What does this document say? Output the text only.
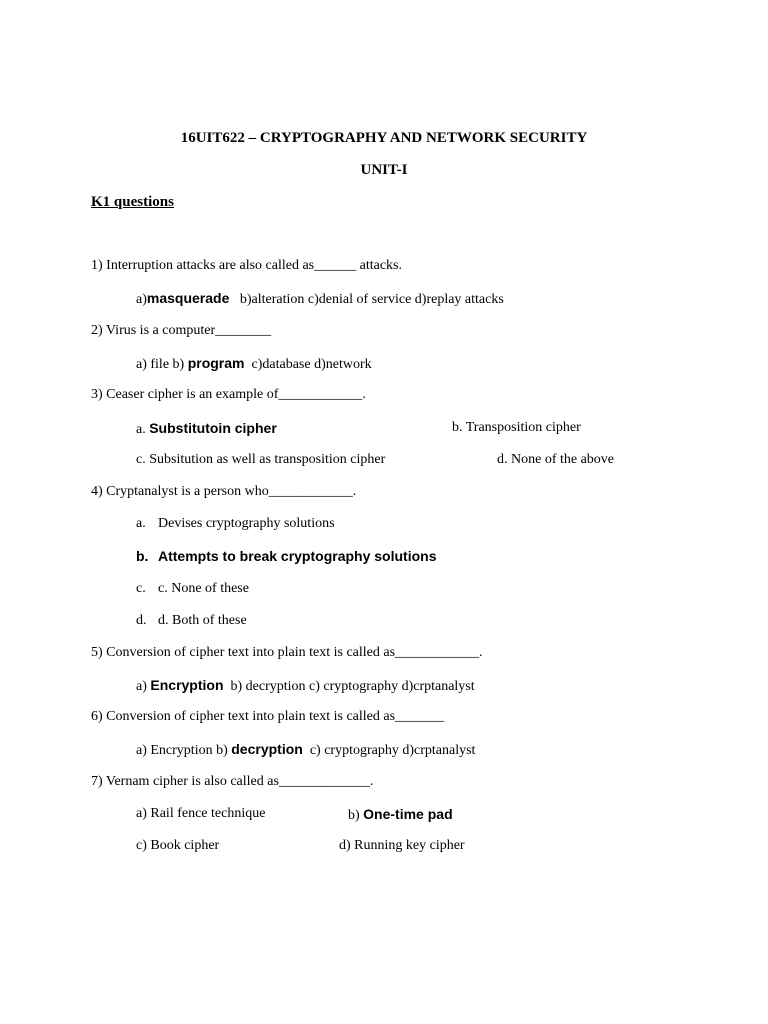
16UIT622 – CRYPTOGRAPHY AND NETWORK SECURITY
UNIT-I
K1 questions
1) Interruption attacks are also called as______ attacks.
a)masquerade b)alteration c)denial of service d)replay attacks
2) Virus is a computer________
a) file b) program c)database d)network
3) Ceaser cipher is an example of____________.
a. Substitutoin cipher	b. Transposition cipher
c. Subsitution as well as transposition cipher	d. None of the above
4) Cryptanalyst is a person who____________.
a. Devises cryptography solutions
b. Attempts to break cryptography solutions
c. c. None of these
d. d. Both of these
5) Conversion of cipher text into plain text is called as____________.
a) Encryption b) decryption c) cryptography d)crptanalyst
6) Conversion of cipher text into plain text is called as_______
a) Encryption b) decryption c) cryptography d)crptanalyst
7) Vernam cipher is also called as_____________.
a) Rail fence technique	b) One-time pad
c) Book cipher	d) Running key cipher
